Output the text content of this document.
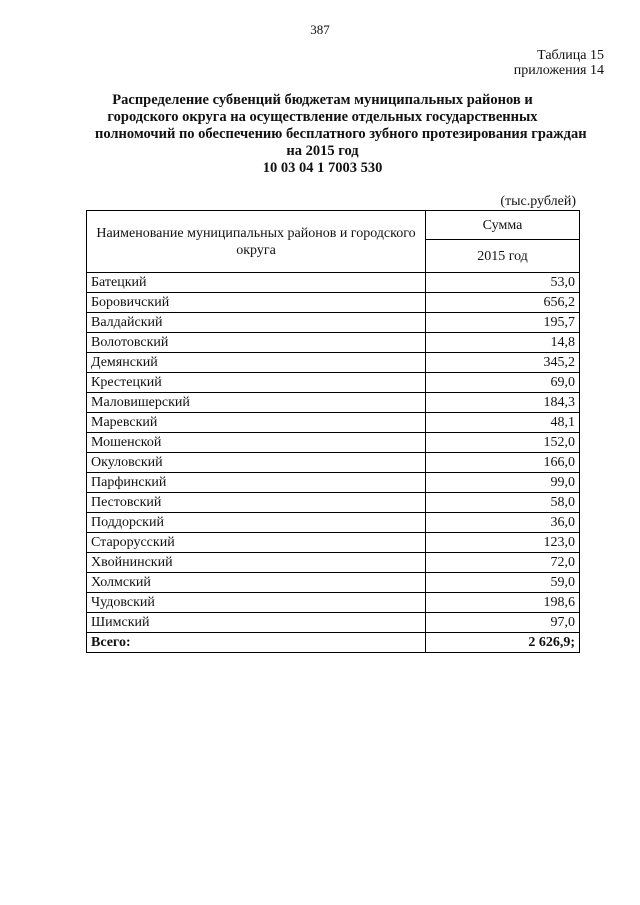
387
Таблица 15
приложения 14
Распределение субвенций бюджетам муниципальных районов и
городского округа на осуществление отдельных государственных
полномочий по обеспечению бесплатного зубного протезирования граждан
на 2015 год
10 03 04 1 7003 530
(тыс.рублей)
Наименование муниципальных районов и городского округа	Сумма
	2015 год
Батецкий	53,0
Боровичский	656,2
Валдайский	195,7
Волотовский	14,8
Демянский	345,2
Крестецкий	69,0
Маловишерский	184,3
Маревский	48,1
Мошенской	152,0
Окуловский	166,0
Парфинский	99,0
Пестовский	58,0
Поддорский	36,0
Старорусский	123,0
Хвойнинский	72,0
Холмский	59,0
Чудовский	198,6
Шимский	97,0
Всего:	2 626,9;
